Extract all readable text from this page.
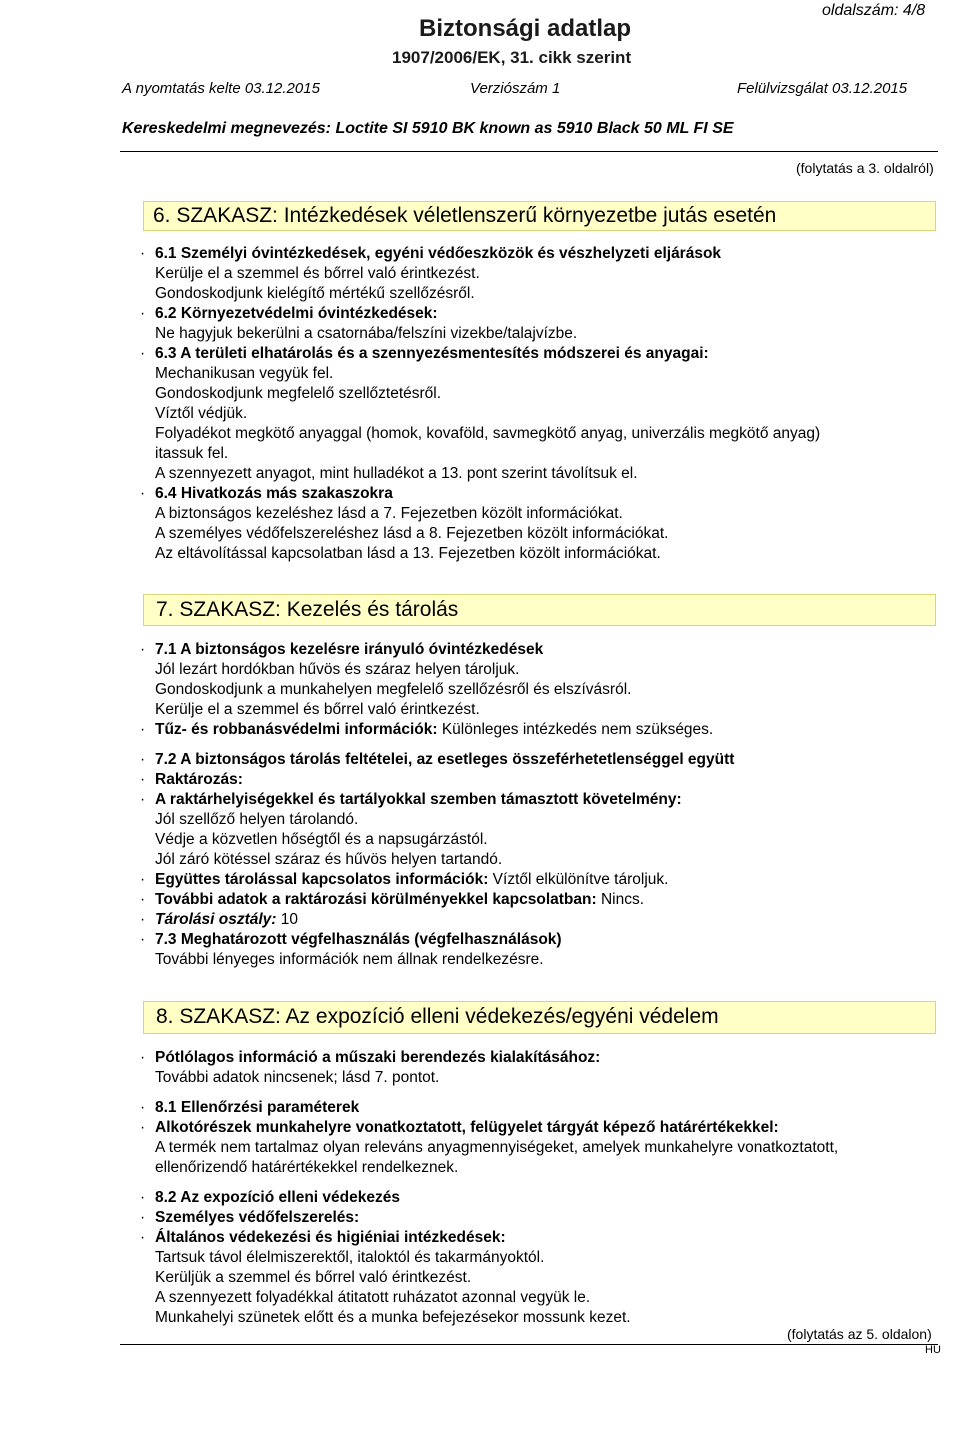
oldalszám: 4/8
Biztonsági adatlap
1907/2006/EK, 31. cikk szerint
A nyomtatás kelte 03.12.2015	Verziószám 1	Felülvizsgálat 03.12.2015
Kereskedelmi megnevezés: Loctite SI 5910 BK known as 5910 Black 50 ML FI SE
(folytatás a 3. oldalról)
6. SZAKASZ: Intézkedések véletlenszerű környezetbe jutás esetén
· 6.1 Személyi óvintézkedések, egyéni védőeszközök és vészhelyzeti eljárások
Kerülje el a szemmel és bőrrel való érintkezést.
Gondoskodjunk kielégítő mértékű szellőzésről.
· 6.2 Környezetvédelmi óvintézkedések:
Ne hagyjuk bekerülni a csatornába/felszíni vizekbe/talajvízbe.
· 6.3 A területi elhatárolás és a szennyezésmentesítés módszerei és anyagai:
Mechanikusan vegyük fel.
Gondoskodjunk megfelelő szellőztetésről.
Víztől védjük.
Folyadékot megkötő anyaggal (homok, kovaföld, savmegkötő anyag, univerzális megkötő anyag)
itassuk fel.
A szennyezett anyagot, mint hulladékot a 13. pont szerint távolítsuk el.
· 6.4 Hivatkozás más szakaszokra
A biztonságos kezeléshez lásd a 7. Fejezetben közölt információkat.
A személyes védőfelszereléshez lásd a 8. Fejezetben közölt információkat.
Az eltávolítással kapcsolatban lásd a 13. Fejezetben közölt információkat.
7. SZAKASZ: Kezelés és tárolás
· 7.1 A biztonságos kezelésre irányuló óvintézkedések
Jól lezárt hordókban hűvös és száraz helyen tároljuk.
Gondoskodjunk a munkahelyen megfelelő szellőzésről és elszívásról.
Kerülje el a szemmel és bőrrel való érintkezést.
· Tűz- és robbanásvédelmi információk: Különleges intézkedés nem szükséges.
· 7.2 A biztonságos tárolás feltételei, az esetleges összeférhetetlenséggel együtt
· Raktározás:
· A raktárhelyiségekkel és tartályokkal szemben támasztott követelmény:
Jól szellőző helyen tárolandó.
Védje a közvetlen hőségtől és a napsugárzástól.
Jól záró kötéssel száraz és hűvös helyen tartandó.
· Együttes tárolással kapcsolatos információk: Víztől elkülönítve tároljuk.
· További adatok a raktározási körülményekkel kapcsolatban: Nincs.
· Tárolási osztály: 10
· 7.3 Meghatározott végfelhasználás (végfelhasználások)
További lényeges információk nem állnak rendelkezésre.
8. SZAKASZ: Az expozíció elleni védekezés/egyéni védelem
· Pótlólagos információ a műszaki berendezés kialakításához:
További adatok nincsenek; lásd 7. pontot.
· 8.1 Ellenőrzési paraméterek
· Alkotórészek munkahelyre vonatkoztatott, felügyelet tárgyát képező határértékekkel:
A termék nem tartalmaz olyan releváns anyagmennyiségeket, amelyek munkahelyre vonatkoztatott,
ellenőrizendő határértékekkel rendelkeznek.
· 8.2 Az expozíció elleni védekezés
· Személyes védőfelszerelés:
· Általános védekezési és higiéniai intézkedések:
Tartsuk távol élelmiszerektől, italoktól és takarmányoktól.
Kerüljük a szemmel és bőrrel való érintkezést.
A szennyezett folyadékkal átitatott ruházatot azonnal vegyük le.
Munkahelyi szünetek előtt és a munka befejezésekor mossunk kezet.
(folytatás az 5. oldalon)
HU
